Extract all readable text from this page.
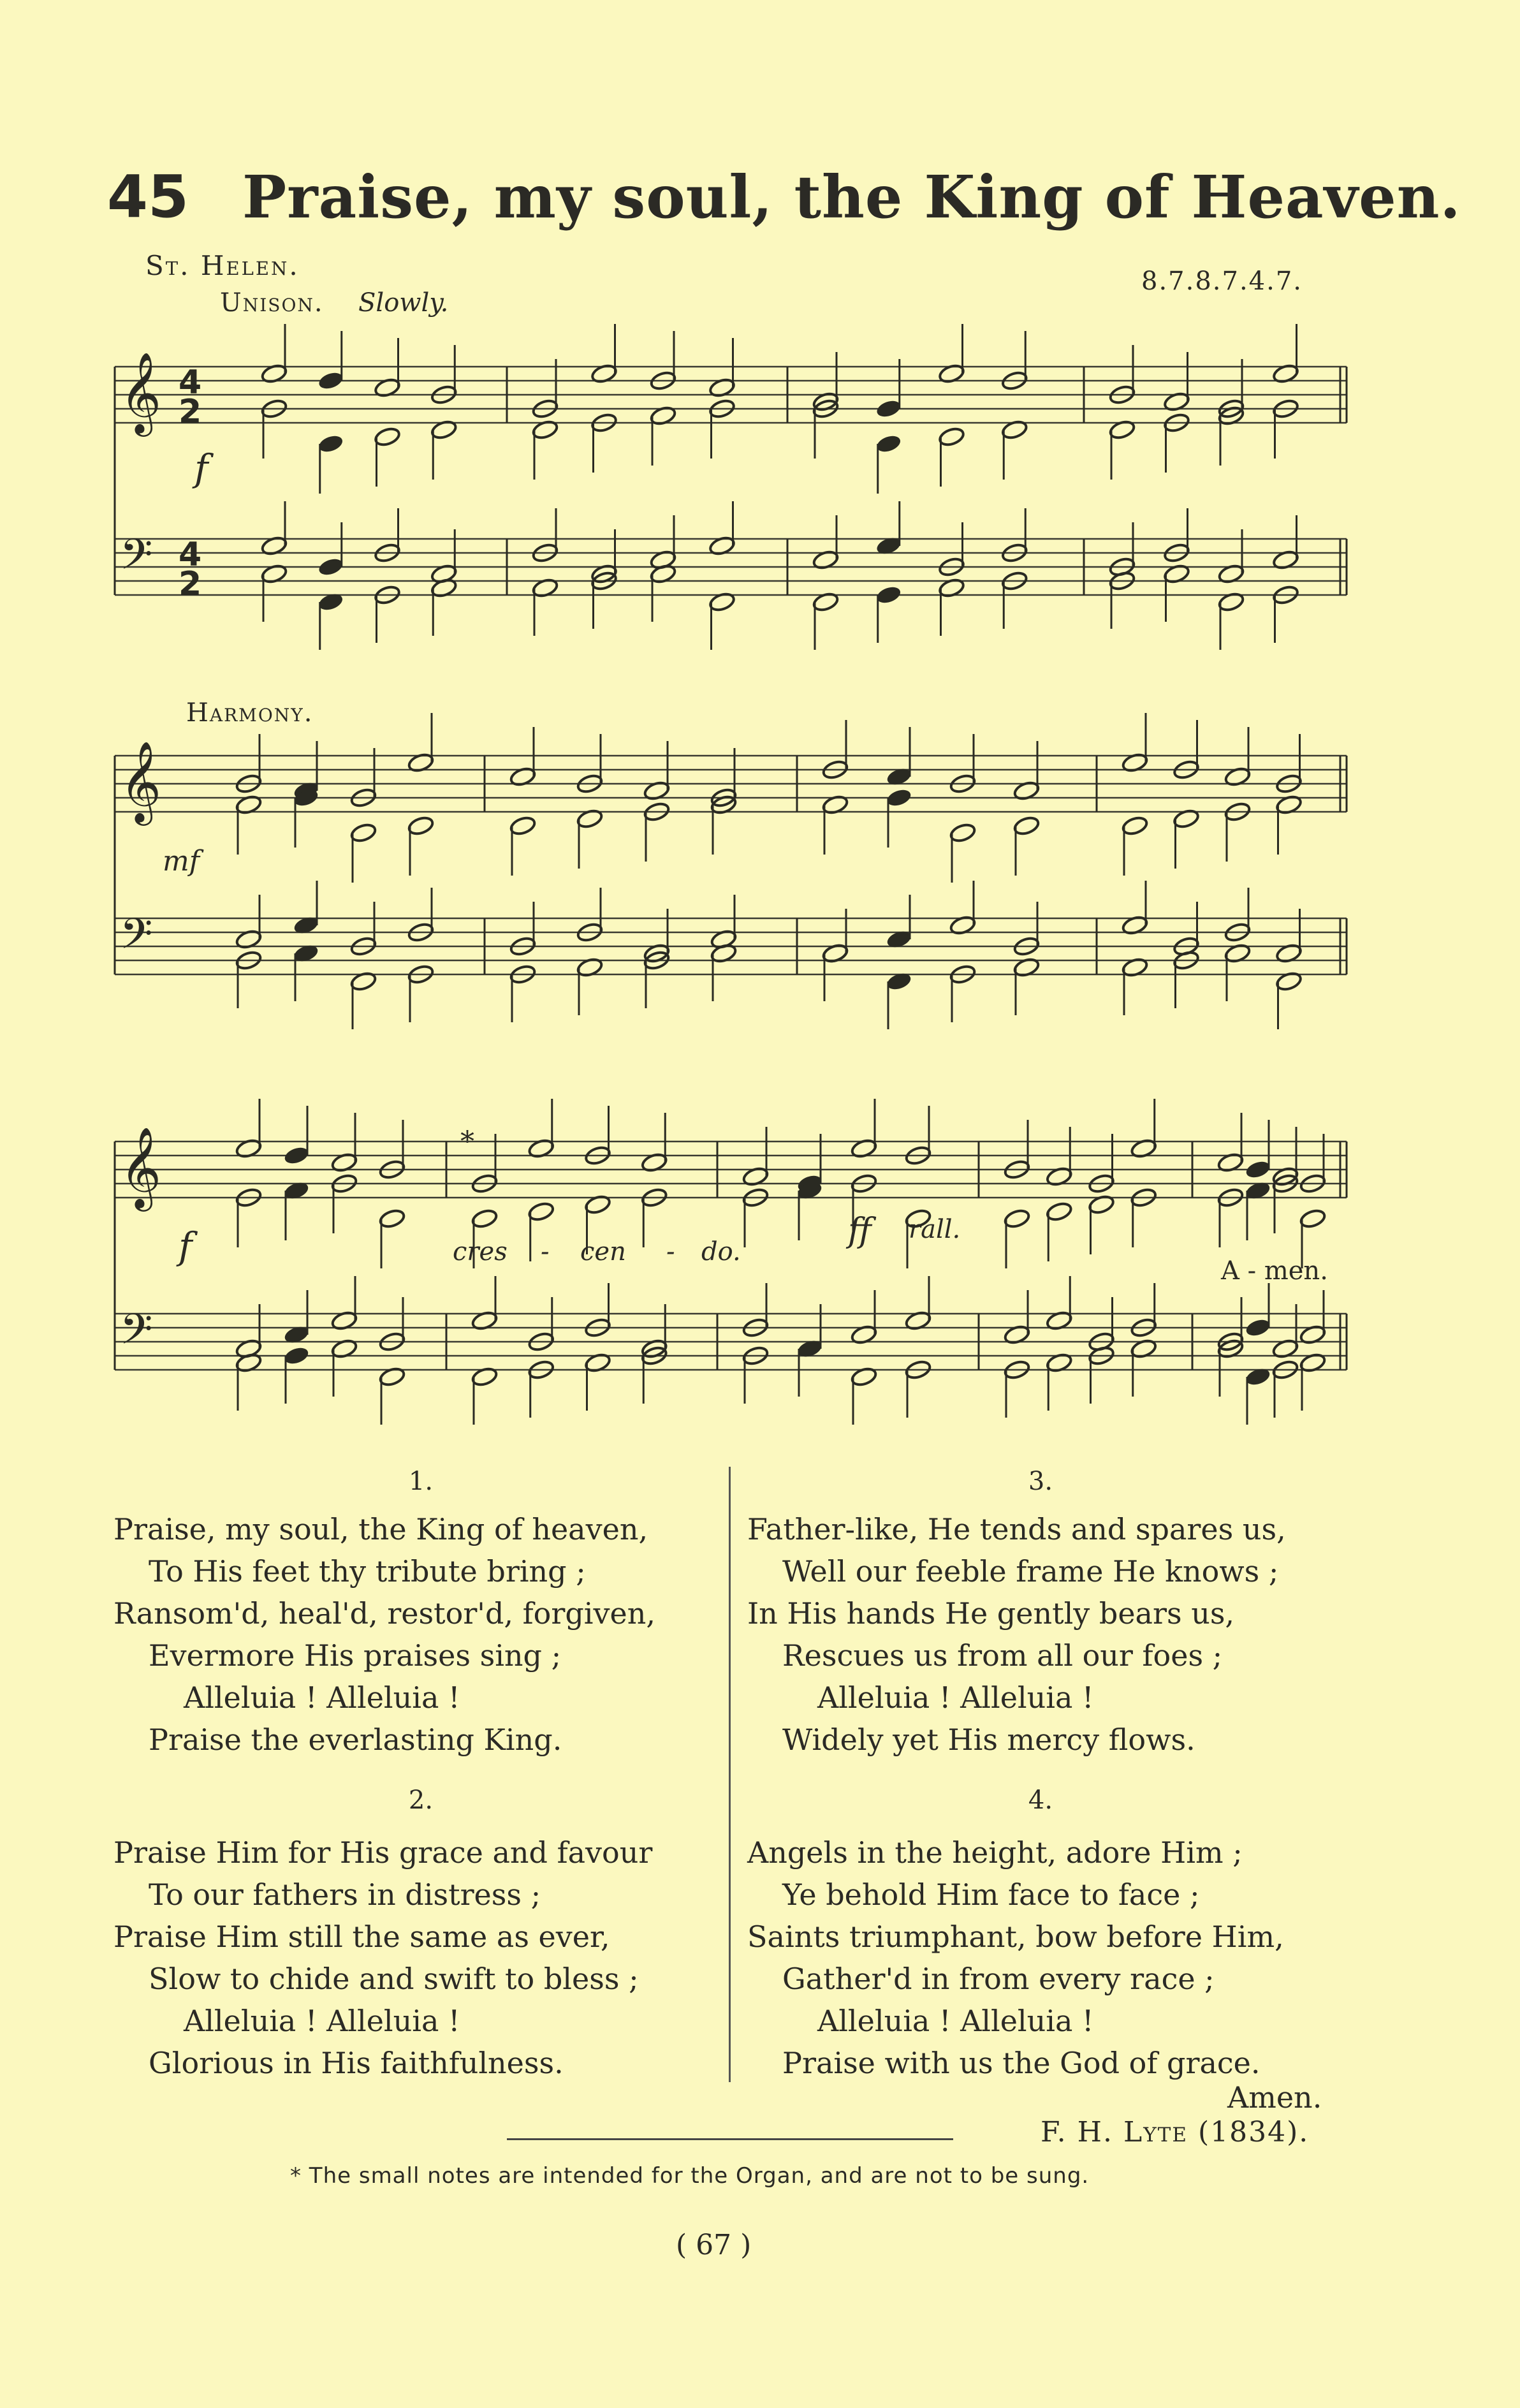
45 Praise, my soul, the King of Heaven.
St. Helen.	8.7.8.7.4.7.
Unison. Slowly.
Harmony.
f
mf
f	ff
cres - cen - do.
rall.
*
A - men.
𝄞
𝄢
4
2
4
2
𝄞
𝄢
𝄞
𝄢
1.
Praise, my soul, the King of heaven,
To His feet thy tribute bring ;
Ransom'd, heal'd, restor'd, forgiven,
Evermore His praises sing ;
Alleluia ! Alleluia !
Praise the everlasting King.
2.
Praise Him for His grace and favour
To our fathers in distress ;
Praise Him still the same as ever,
Slow to chide and swift to bless ;
Alleluia ! Alleluia !
Glorious in His faithfulness.
3.
Father-like, He tends and spares us,
Well our feeble frame He knows ;
In His hands He gently bears us,
Rescues us from all our foes ;
Alleluia ! Alleluia !
Widely yet His mercy flows.
4.
Angels in the height, adore Him ;
Ye behold Him face to face ;
Saints triumphant, bow before Him,
Gather'd in from every race ;
Alleluia ! Alleluia !
Praise with us the God of grace.
Amen.
F. H. Lyte (1834).
* The small notes are intended for the Organ, and are not to be sung.
( 67 )
